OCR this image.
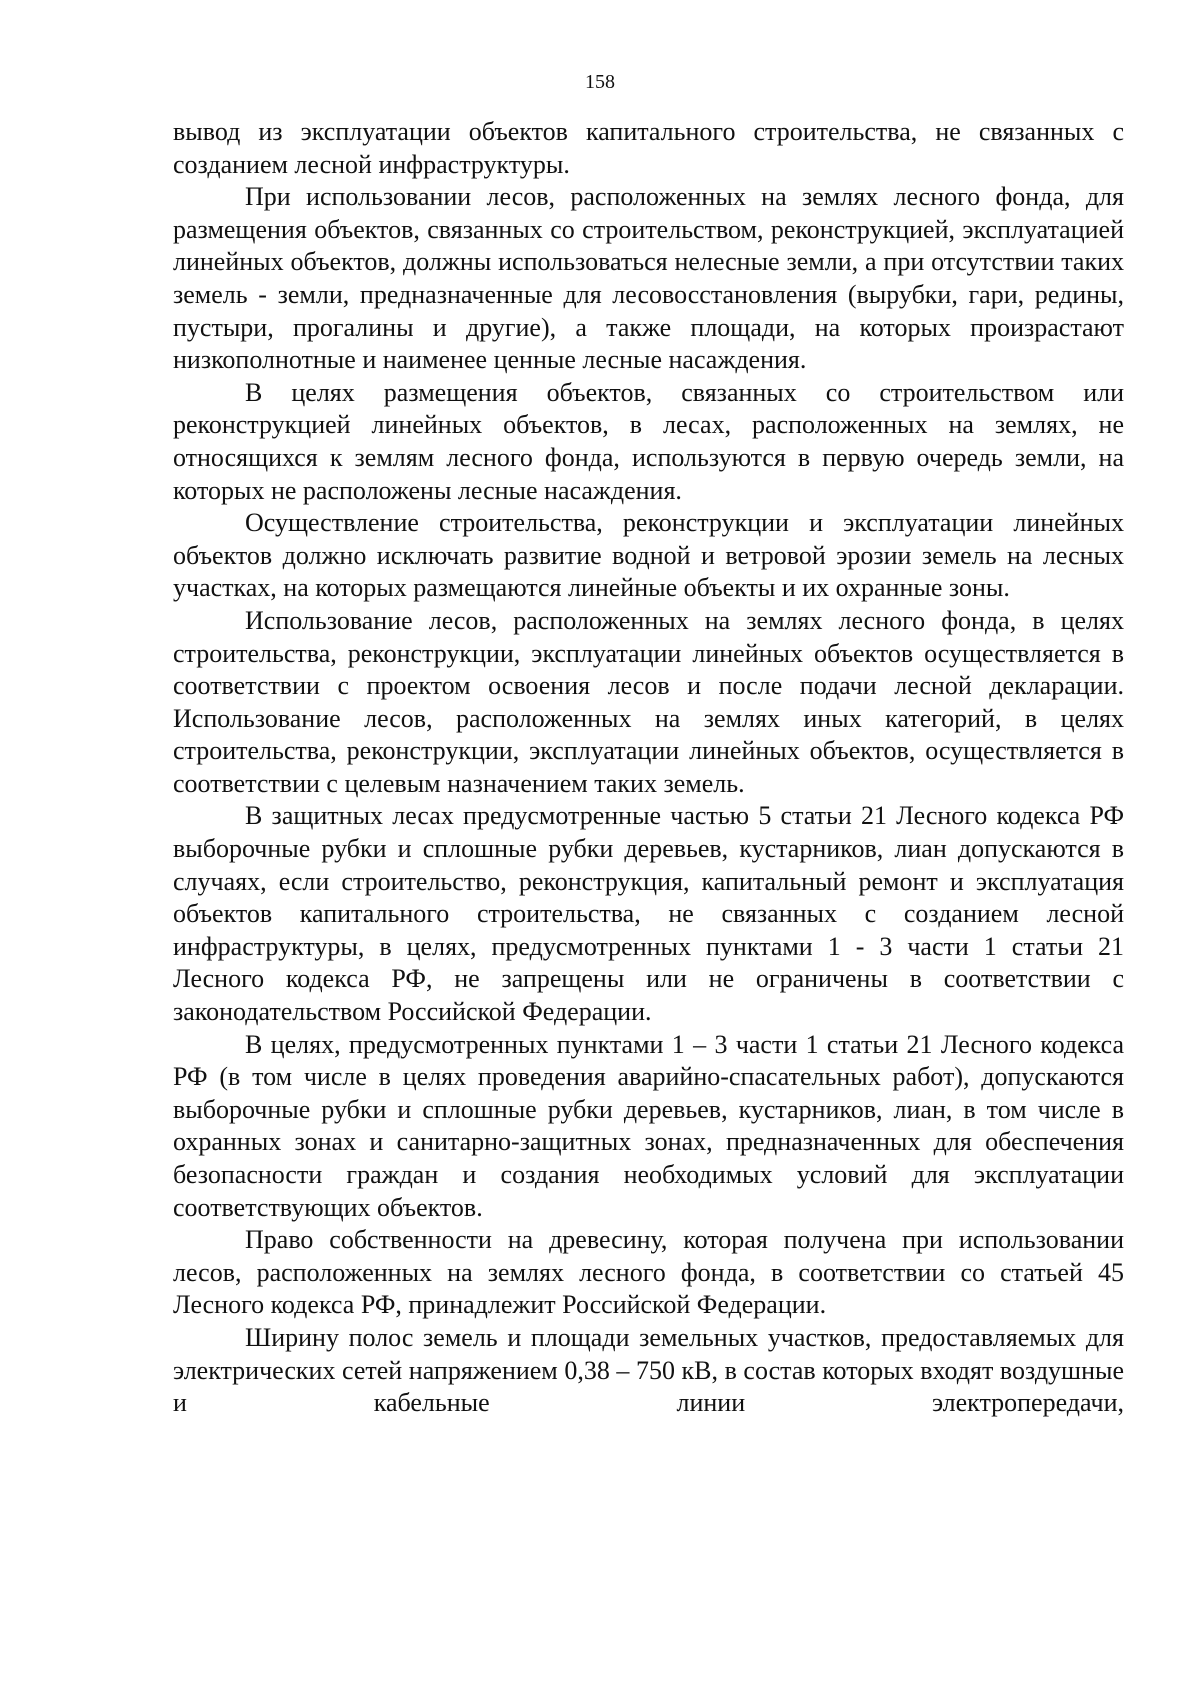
158

вывод из эксплуатации объектов капитального строительства, не связанных с созданием лесной инфраструктуры.

При использовании лесов, расположенных на землях лесного фонда, для размещения объектов, связанных со строительством, реконструкцией, эксплуатацией линейных объектов, должны использоваться нелесные земли, а при отсутствии таких земель - земли, предназначенные для лесовосстановления (вырубки, гари, редины, пустыри, прогалины и другие), а также площади, на которых произрастают низкополнотные и наименее ценные лесные насаждения.

В целях размещения объектов, связанных со строительством или реконструкцией линейных объектов, в лесах, расположенных на землях, не относящихся к землям лесного фонда, используются в первую очередь земли, на которых не расположены лесные насаждения.

Осуществление строительства, реконструкции и эксплуатации линейных объектов должно исключать развитие водной и ветровой эрозии земель на лесных участках, на которых размещаются линейные объекты и их охранные зоны.

Использование лесов, расположенных на землях лесного фонда, в целях строительства, реконструкции, эксплуатации линейных объектов осуществляется в соответствии с проектом освоения лесов и после подачи лесной декларации. Использование лесов, расположенных на землях иных категорий, в целях строительства, реконструкции, эксплуатации линейных объектов, осуществляется в соответствии с целевым назначением таких земель.

В защитных лесах предусмотренные частью 5 статьи 21 Лесного кодекса РФ выборочные рубки и сплошные рубки деревьев, кустарников, лиан допускаются в случаях, если строительство, реконструкция, капитальный ремонт и эксплуатация объектов капитального строительства, не связанных с созданием лесной инфраструктуры, в целях, предусмотренных пунктами 1 - 3 части 1 статьи 21 Лесного кодекса РФ, не запрещены или не ограничены в соответствии с законодательством Российской Федерации.

В целях, предусмотренных пунктами 1 – 3 части 1 статьи 21 Лесного кодекса РФ (в том числе в целях проведения аварийно-спасательных работ), допускаются выборочные рубки и сплошные рубки деревьев, кустарников, лиан, в том числе в охранных зонах и санитарно-защитных зонах, предназначенных для обеспечения безопасности граждан и создания необходимых условий для эксплуатации соответствующих объектов.

Право собственности на древесину, которая получена при использовании лесов, расположенных на землях лесного фонда, в соответствии со статьей 45 Лесного кодекса РФ, принадлежит Российской Федерации.

Ширину полос земель и площади земельных участков, предоставляемых для электрических сетей напряжением 0,38 – 750 кВ, в состав которых входят воздушные и кабельные линии электропередачи,
